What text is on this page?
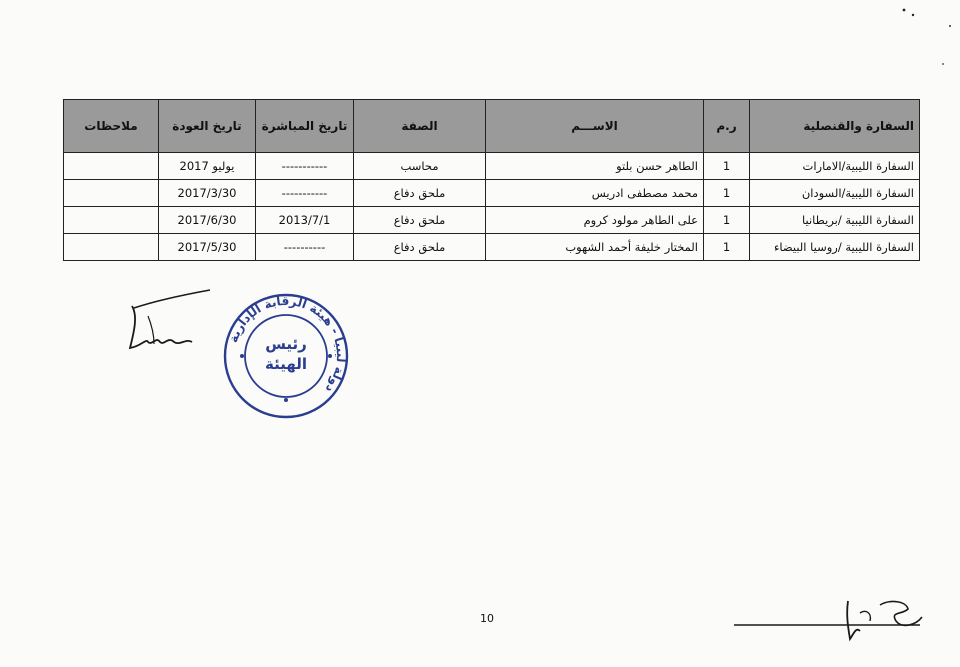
السفارة والقنصلية	ر.م	الاســـم	الصفة	تاريخ المباشرة	تاريخ العودة	ملاحظات
السفارة الليبية/الامارات	1	الطاهر حسن بلتو	محاسب	-----------	يوليو 2017	
السفارة الليبية/السودان	1	محمد مصطفى ادريس	ملحق دفاع	-----------	2017/3/30	
السفارة الليبية /بريطانيا	1	على الطاهر مولود كروم	ملحق دفاع	2013/7/1	2017/6/30	
السفارة الليبية /روسيا البيضاء	1	المختار خليفة أحمد الشهوب	ملحق دفاع	----------	2017/5/30	
دولة ليبيا - هيئة الرقابة الإدارية
رئيس
الهيئة
10
